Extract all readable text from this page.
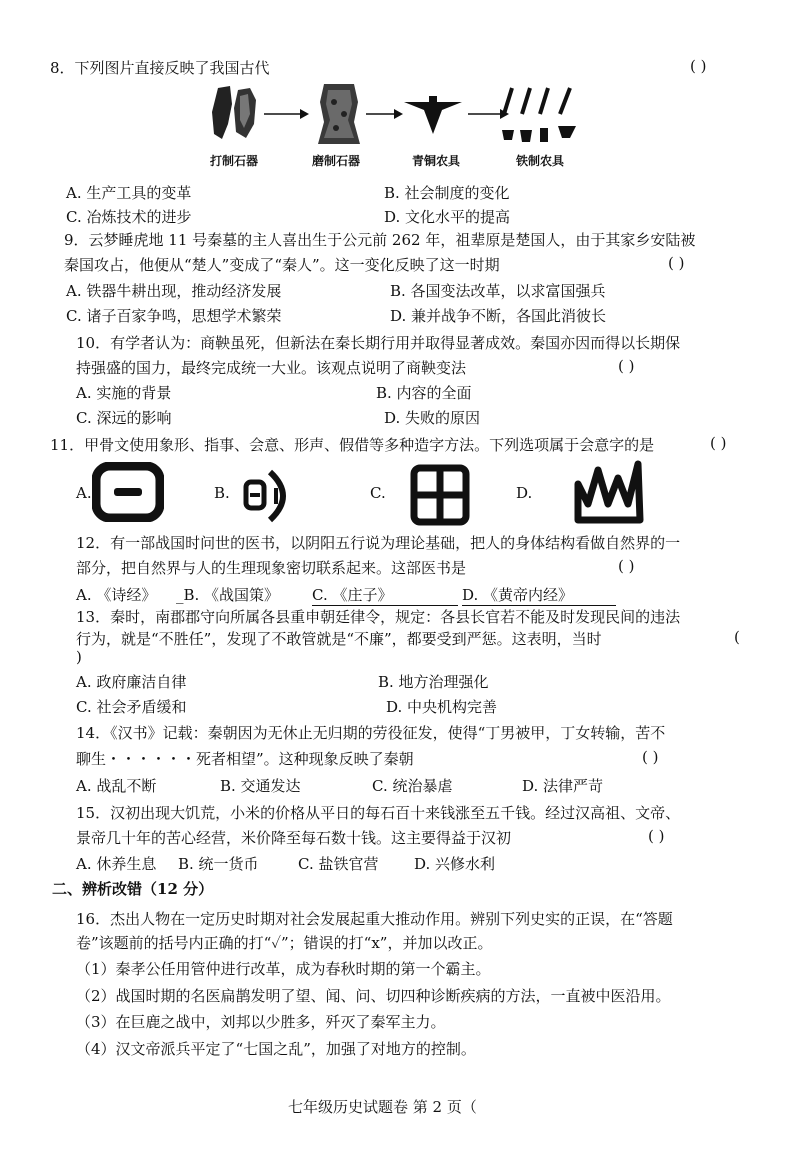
8．下列图片直接反映了我国古代	( )
打制石器	磨制石器	青铜农具	铁制农具
A. 生产工具的变革	B. 社会制度的变化
C. 冶炼技术的进步	D. 文化水平的提高
9．云梦睡虎地 11 号秦墓的主人喜出生于公元前 262 年，祖辈原是楚国人，由于其家乡安陆被
秦国攻占，他便从“楚人”变成了“秦人”。这一变化反映了这一时期	( )
A. 铁器牛耕出现，推动经济发展	B. 各国变法改革，以求富国强兵
C. 诸子百家争鸣，思想学术繁荣	D. 兼并战争不断，各国此消彼长
10．有学者认为：商鞅虽死，但新法在秦长期行用并取得显著成效。秦国亦因而得以长期保
持强盛的国力，最终完成统一大业。该观点说明了商鞅变法	( )
A. 实施的背景	B. 内容的全面
C. 深远的影响	D. 失败的原因
11．甲骨文使用象形、指事、会意、形声、假借等多种造字方法。下列选项属于会意字的是	( )
A.	B.	C.	D.
12．有一部战国时问世的医书，以阴阳五行说为理论基础，把人的身体结构看做自然界的一
部分，把自然界与人的生理现象密切联系起来。这部医书是	( )
A. 《诗经》 _B. 《战国策》 C. 《庄子》	D. 《黄帝内经》
13．秦时，南郡郡守向所属各县重申朝廷律令，规定：各县长官若不能及时发现民间的违法
行为，就是“不胜任”，发现了不敢管就是“不廉”，都要受到严惩。这表明，当时	(
)
A. 政府廉洁自律	B. 地方治理强化
C. 社会矛盾缓和	D. 中央机构完善
14．《汉书》记载：秦朝因为无休止无归期的劳役征发，使得“丁男被甲，丁女转输，苦不
聊生・・・・・・死者相望”。这种现象反映了秦朝	( )
A. 战乱不断	B. 交通发达	C. 统治暴虐	D. 法律严苛
15．汉初出现大饥荒，小米的价格从平日的每石百十来钱涨至五千钱。经过汉高祖、文帝、
景帝几十年的苦心经营，米价降至每石数十钱。这主要得益于汉初	( )
A. 休养生息 B. 统一货币	C. 盐铁官营 D. 兴修水利
二、辨析改错（12 分）
16．杰出人物在一定历史时期对社会发展起重大推动作用。辨别下列史实的正误，在“答题
卷”该题前的括号内正确的打“✓”；错误的打“x”，并加以改正。
（1）秦孝公任用管仲进行改革，成为春秋时期的第一个霸主。
（2）战国时期的名医扁鹊发明了望、闻、问、切四种诊断疾病的方法，一直被中医沿用。
（3）在巨鹿之战中，刘邦以少胜多，歼灭了秦军主力。
（4）汉文帝派兵平定了“七国之乱”，加强了对地方的控制。
七年级历史试题卷 第 2 页（
